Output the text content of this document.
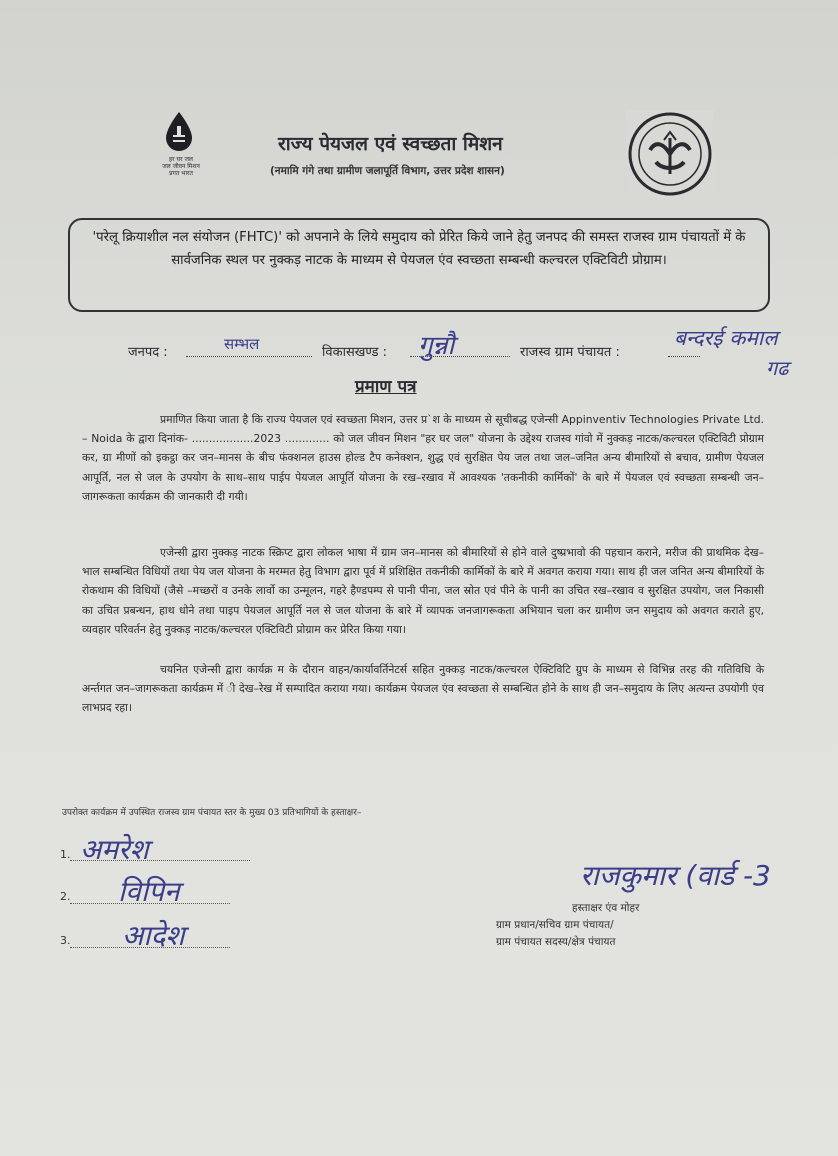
हर घर जल
जल जीवन मिशन
प्रगत भारत
राज्य पेयजल एवं स्वच्छता मिशन
(नमामि गंगे तथा ग्रामीण जलापूर्ति विभाग, उत्तर प्रदेश शासन)
'परेलू क्रियाशील नल संयोजन (FHTC)' को अपनाने के लिये समुदाय को प्रेरित किये जाने हेतु जनपद की समस्त राजस्व ग्राम पंचायतों में के सार्वजनिक स्थल पर नुक्कड़ नाटक के माध्यम से पेयजल एंव स्वच्छता सम्बन्धी कल्चरल एक्टिविटी प्रोग्राम।
जनपद :	सम्भल	विकासखण्ड : गुन्नौ	राजस्व ग्राम पंचायत :
बन्दरई कमाल
गढ
प्रमाण पत्र
प्रमाणित किया जाता है कि राज्य पेयजल एवं स्वच्छता मिशन, उत्तर प्र`श के माध्यम से सूचीबद्ध एजेन्सी Appinventiv Technologies Private Ltd. – Noida के द्वारा दिनांक- ..................2023 ............. को जल जीवन मिशन "हर घर जल" योजना के उद्देश्य राजस्व गांवो में नुक्कड़ नाटक/कल्चरल एक्टिविटी प्रोग्राम कर, ग्रा मीणों को इकट्ठा कर जन–मानस के बीच फंक्शनल हाउस होल्ड टैप कनेक्शन, शुद्ध एवं सुरक्षित पेय जल तथा जल–जनित अन्य बीमारियों से बचाव, ग्रामीण पेयजल आपूर्ति, नल से जल के उपयोग के साथ–साथ पाईप पेयजल आपूर्ति योजना के रख–रखाव में आवश्यक 'तकनीकी कार्मिकों' के बारे में पेयजल एवं स्वच्छता सम्बन्धी जन–जागरूकता कार्यक्रम की जानकारी दी गयी।
एजेन्सी द्वारा नुक्कड़ नाटक स्क्रिप्ट द्वारा लोकल भाषा में ग्राम जन–मानस को बीमारियों से होने वाले दुष्प्रभावो की पहचान कराने, मरीज की प्राथमिक देख–भाल सम्बन्धित विधियों तथा पेय जल योजना के मरम्मत हेतु विभाग द्वारा पूर्व में प्रशिक्षित तकनीकी कार्मिकों के बारे में अवगत कराया गया। साथ ही जल जनित अन्य बीमारियों के रोकथाम की विधियों (जैसे –मच्छरों व उनके लार्वो का उन्मूलन, गहरे हैण्डपम्प से पानी पीना, जल स्रोत एवं पीने के पानी का उचित रख–रखाव व सुरक्षित उपयोग, जल निकासी का उचित प्रबन्धन, हाथ धोने तथा पाइप पेयजल आपूर्ति नल से जल योजना के बारे में व्यापक जनजागरूकता अभियान चला कर ग्रामीण जन समुदाय को अवगत कराते हुए, व्यवहार परिवर्तन हेतु नुक्कड़ नाटक/कल्चरल एक्टिविटी प्रोग्राम कर प्रेरित किया गया।
चयनित एजेन्सी द्वारा कार्यक्र म के दौरान वाहन/कार्यावर्तिनेटर्स सहित नुक्कड़ नाटक/कल्चरल ऐक्टिविटि ग्रुप के माध्यम से विभिन्न तरह की गतिविधि के अर्न्तगत जन–जागरूकता कार्यक्रम में ी देख–रेख में सम्पादित कराया गया। कार्यक्रम पेयजल एंव स्वच्छता से सम्बन्धित होने के साथ ही जन–समुदाय के लिए अत्यन्त उपयोगी एंव लाभप्रद रहा।
उपरोक्त कार्यक्रम में उपस्थित राजस्व ग्राम पंचायत स्तर के मुख्य 03 प्रतिभागियों के हस्ताक्षर–
1. अमरेश
2. विपिन
3. आदेश
राजकुमार (वार्ड -3
हस्ताक्षर एंव मोहर
ग्राम प्रधान/सचिव ग्राम पंचायत/
ग्राम पंचायत सदस्य/क्षेत्र पंचायत
